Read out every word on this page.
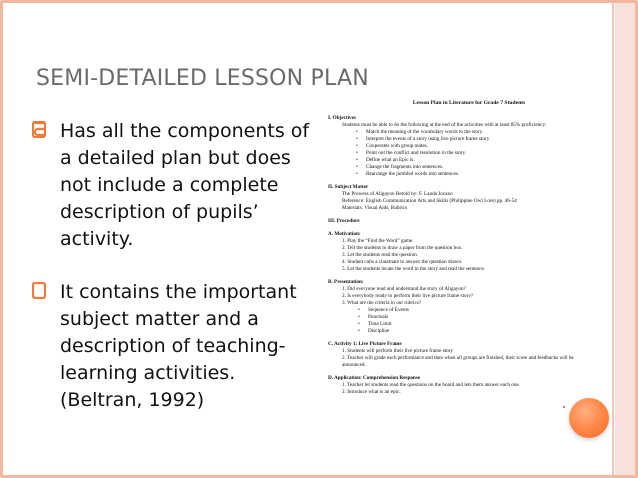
SEMI-DETAILED LESSON PLAN
Has all the components of a detailed plan but does not include a complete description of pupils’ activity.
It contains the important subject matter and a description of teaching-learning activities. (Beltran, 1992)
Lesson Plan in Literature for Grade 7 Students
I. Objectives
Students must be able to do the following at the end of the activities with at least 85% proficiency:
• Match the meaning of the vocabulary words to the story.
• Interpret the events of a story using live picture frame story
• Cooperates with group mates.
• Point out the conflict and resolution in the story.
• Define what an Epic is.
• Change the fragments into sentences.
• Rearrange the jumbled words into sentences.
II. Subject Matter
The Prowess of Aligayon Retold by: F. Landa Jocano
Reference: English Communication Arts and Skills (Philippine Owl Lore) pp. 46-54
Materials: Visual Aids, Rubrics
III. Procedure
A. Motivation:
1. Play the “Find the Word” game.
2. Tell the students to draw a paper from the question box.
3. Let the students read the question.
4. Student calls a classmate to answer the question drawn.
5. Let the students locate the word in the story and read the sentence.
B. Presentation:
1. Did everyone read and understand the story of Aligayon?
2. Is everybody ready to perform their live picture frame story?
3. What are the criteria in our rubrics?
• Sequence of Events
• Punctuals
• Time Limit
• Discipline
C. Activity 1: Live Picture Frame
1. Students will perform their live picture frame story
2. Teacher will grade each performance and then when all groups are finished, their score and feedbacks will be announced.
D. Application: Comprehension Response
1. Teacher let students read the questions on the board and lets them answer each one.
2. Introduce what is an epic.
